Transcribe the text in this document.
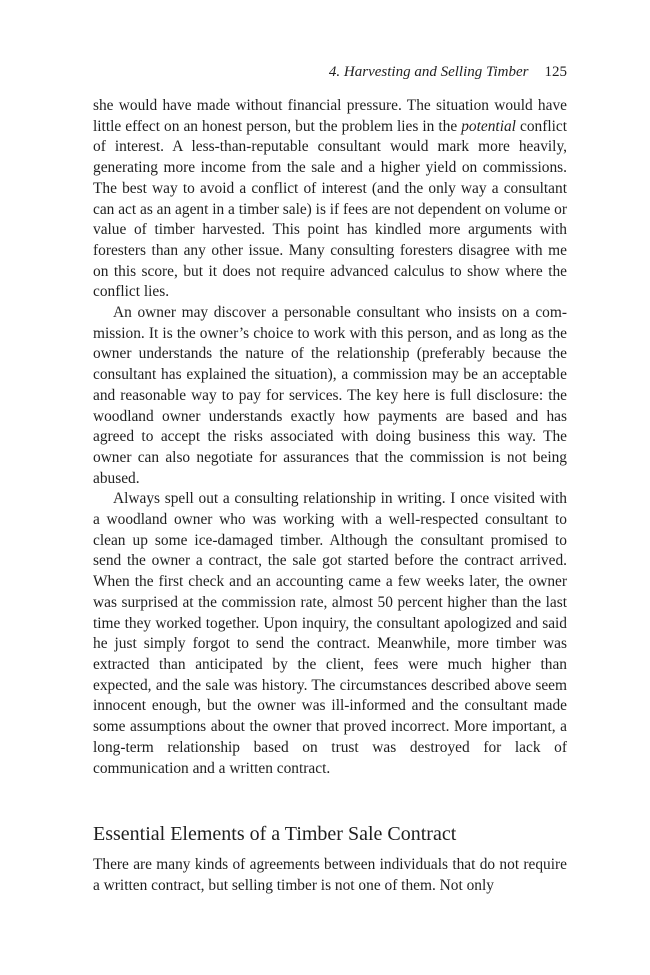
4. Harvesting and Selling Timber 125

she would have made without financial pressure. The situation would have little effect on an honest person, but the problem lies in the potential conflict of interest. A less-than-reputable consultant would mark more heavily, generating more income from the sale and a higher yield on commissions. The best way to avoid a conflict of interest (and the only way a consultant can act as an agent in a timber sale) is if fees are not dependent on volume or value of timber harvested. This point has kindled more arguments with foresters than any other issue. Many consulting foresters disagree with me on this score, but it does not require advanced calculus to show where the conflict lies.

An owner may discover a personable consultant who insists on a commission. It is the owner’s choice to work with this person, and as long as the owner understands the nature of the relationship (preferably because the consultant has explained the situation), a commission may be an acceptable and reasonable way to pay for services. The key here is full disclosure: the woodland owner understands exactly how payments are based and has agreed to accept the risks associated with doing business this way. The owner can also negotiate for assurances that the commission is not being abused.

Always spell out a consulting relationship in writing. I once visited with a woodland owner who was working with a well-respected consultant to clean up some ice-damaged timber. Although the consultant promised to send the owner a contract, the sale got started before the contract arrived. When the first check and an accounting came a few weeks later, the owner was surprised at the commission rate, almost 50 percent higher than the last time they worked together. Upon inquiry, the consultant apologized and said he just simply forgot to send the contract. Meanwhile, more timber was extracted than anticipated by the client, fees were much higher than expected, and the sale was history. The circumstances described above seem innocent enough, but the owner was ill-informed and the consultant made some assumptions about the owner that proved incorrect. More important, a long-term relationship based on trust was destroyed for lack of communication and a written contract.

Essential Elements of a Timber Sale Contract

There are many kinds of agreements between individuals that do not require a written contract, but selling timber is not one of them. Not only
